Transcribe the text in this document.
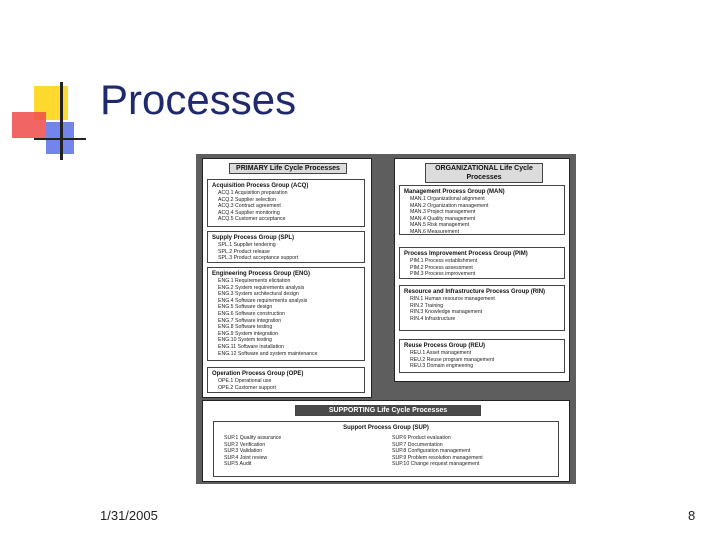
Processes
PRIMARY Life Cycle Processes
Acquisition Process Group (ACQ)
ACQ.1 Acquisition preparation
ACQ.2 Supplier selection
ACQ.3 Contract agreement
ACQ.4 Supplier monitoring
ACQ.5 Customer acceptance
Supply Process Group (SPL)
SPL.1 Supplier tendering
SPL.2 Product release
SPL.3 Product acceptance support
Engineering Process Group (ENG)
ENG.1 Requirements elicitation
ENG.2 System requirements analysis
ENG.3 System architectural design
ENG.4 Software requirements analysis
ENG.5 Software design
ENG.6 Software construction
ENG.7 Software integration
ENG.8 Software testing
ENG.9 System integration
ENG.10 System testing
ENG.11 Software installation
ENG.12 Software and system maintenance
Operation Process Group (OPE)
OPE.1 Operational use
OPE.2 Customer support
ORGANIZATIONAL Life Cycle Processes
Management Process Group (MAN)
MAN.1 Organizational alignment
MAN.2 Organization management
MAN.3 Project management
MAN.4 Quality management
MAN.5 Risk management
MAN.6 Measurement
Process Improvement Process Group (PIM)
PIM.1 Process establishment
PIM.2 Process assessment
PIM.3 Process improvement
Resource and Infrastructure Process Group (RIN)
RIN.1 Human resource management
RIN.2 Training
RIN.3 Knowledge management
RIN.4 Infrastructure
Reuse Process Group (REU)
REU.1 Asset management
REU.2 Reuse program management
REU.3 Domain engineering
SUPPORTING Life Cycle Processes
Support Process Group (SUP)
SUP.1 Quality assurance
SUP.2 Verification
SUP.3 Validation
SUP.4 Joint review
SUP.5 Audit
SUP.6 Product evaluation
SUP.7 Documentation
SUP.8 Configuration management
SUP.9 Problem resolution management
SUP.10 Change request management
1/31/2005	8
